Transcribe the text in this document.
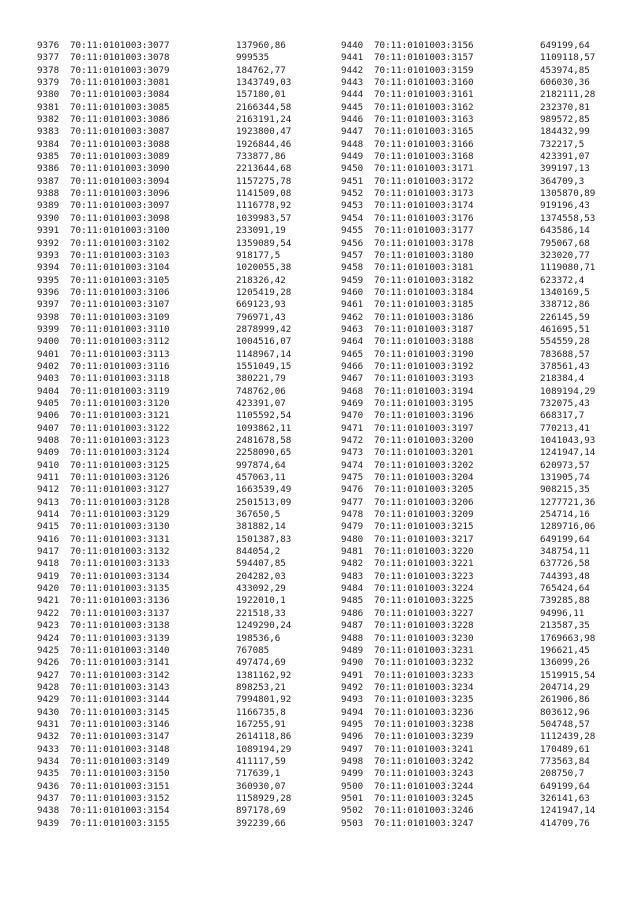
9376 70:11:0101003:3077	137960,86
9377 70:11:0101003:3078	999535
9378 70:11:0101003:3079	184762,77
9379 70:11:0101003:3081	1343749,03
9380 70:11:0101003:3084	157180,01
9381 70:11:0101003:3085	2166344,58
9382 70:11:0101003:3086	2163191,24
9383 70:11:0101003:3087	1923800,47
9384 70:11:0101003:3088	1926844,46
9385 70:11:0101003:3089	733877,86
9386 70:11:0101003:3090	2213644,68
9387 70:11:0101003:3094	1157275,78
9388 70:11:0101003:3096	1141509,08
9389 70:11:0101003:3097	1116778,92
9390 70:11:0101003:3098	1039983,57
9391 70:11:0101003:3100	233091,19
9392 70:11:0101003:3102	1359089,54
9393 70:11:0101003:3103	918177,5
9394 70:11:0101003:3104	1020055,38
9395 70:11:0101003:3105	218326,42
9396 70:11:0101003:3106	1205419,28
9397 70:11:0101003:3107	669123,93
9398 70:11:0101003:3109	796971,43
9399 70:11:0101003:3110	2878999,42
9400 70:11:0101003:3112	1004516,07
9401 70:11:0101003:3113	1148967,14
9402 70:11:0101003:3116	1551049,15
9403 70:11:0101003:3118	380221,79
9404 70:11:0101003:3119	748762,06
9405 70:11:0101003:3120	423391,07
9406 70:11:0101003:3121	1105592,54
9407 70:11:0101003:3122	1093862,11
9408 70:11:0101003:3123	2481678,58
9409 70:11:0101003:3124	2258090,65
9410 70:11:0101003:3125	997874,64
9411 70:11:0101003:3126	457063,11
9412 70:11:0101003:3127	1663539,49
9413 70:11:0101003:3128	2501513,09
9414 70:11:0101003:3129	367650,5
9415 70:11:0101003:3130	381882,14
9416 70:11:0101003:3131	1501387,83
9417 70:11:0101003:3132	844054,2
9418 70:11:0101003:3133	594407,85
9419 70:11:0101003:3134	204282,03
9420 70:11:0101003:3135	433092,29
9421 70:11:0101003:3136	1922010,1
9422 70:11:0101003:3137	221518,33
9423 70:11:0101003:3138	1249290,24
9424 70:11:0101003:3139	198536,6
9425 70:11:0101003:3140	767085
9426 70:11:0101003:3141	497474,69
9427 70:11:0101003:3142	1381162,92
9428 70:11:0101003:3143	898253,21
9429 70:11:0101003:3144	7994801,92
9430 70:11:0101003:3145	1166735,8
9431 70:11:0101003:3146	167255,91
9432 70:11:0101003:3147	2614118,86
9433 70:11:0101003:3148	1089194,29
9434 70:11:0101003:3149	411117,59
9435 70:11:0101003:3150	717639,1
9436 70:11:0101003:3151	360930,07
9437 70:11:0101003:3152	1158929,28
9438 70:11:0101003:3154	897178,69
9439 70:11:0101003:3155	392239,66
9440 70:11:0101003:3156	649199,64
9441 70:11:0101003:3157	1109118,57
9442 70:11:0101003:3159	453974,85
9443 70:11:0101003:3160	606030,36
9444 70:11:0101003:3161	2182111,28
9445 70:11:0101003:3162	232370,81
9446 70:11:0101003:3163	989572,85
9447 70:11:0101003:3165	184432,99
9448 70:11:0101003:3166	732217,5
9449 70:11:0101003:3168	423391,07
9450 70:11:0101003:3171	399197,13
9451 70:11:0101003:3172	364709,3
9452 70:11:0101003:3173	1305870,89
9453 70:11:0101003:3174	919196,43
9454 70:11:0101003:3176	1374558,53
9455 70:11:0101003:3177	643586,14
9456 70:11:0101003:3178	795067,68
9457 70:11:0101003:3180	323020,77
9458 70:11:0101003:3181	1119080,71
9459 70:11:0101003:3182	623372,4
9460 70:11:0101003:3184	1340169,5
9461 70:11:0101003:3185	338712,86
9462 70:11:0101003:3186	226145,59
9463 70:11:0101003:3187	461695,51
9464 70:11:0101003:3188	554559,28
9465 70:11:0101003:3190	783688,57
9466 70:11:0101003:3192	378561,43
9467 70:11:0101003:3193	218384,4
9468 70:11:0101003:3194	1089194,29
9469 70:11:0101003:3195	732075,43
9470 70:11:0101003:3196	668317,7
9471 70:11:0101003:3197	770213,41
9472 70:11:0101003:3200	1041043,93
9473 70:11:0101003:3201	1241947,14
9474 70:11:0101003:3202	620973,57
9475 70:11:0101003:3204	131905,74
9476 70:11:0101003:3205	908215,35
9477 70:11:0101003:3206	1277721,36
9478 70:11:0101003:3209	254714,16
9479 70:11:0101003:3215	1289716,06
9480 70:11:0101003:3217	649199,64
9481 70:11:0101003:3220	348754,11
9482 70:11:0101003:3221	637726,58
9483 70:11:0101003:3223	744393,48
9484 70:11:0101003:3224	765424,64
9485 70:11:0101003:3225	739285,88
9486 70:11:0101003:3227	94996,11
9487 70:11:0101003:3228	213587,35
9488 70:11:0101003:3230	1769663,98
9489 70:11:0101003:3231	196621,45
9490 70:11:0101003:3232	136099,26
9491 70:11:0101003:3233	1519915,54
9492 70:11:0101003:3234	204714,29
9493 70:11:0101003:3235	261906,86
9494 70:11:0101003:3236	803612,96
9495 70:11:0101003:3238	504748,57
9496 70:11:0101003:3239	1112439,28
9497 70:11:0101003:3241	170489,61
9498 70:11:0101003:3242	773563,84
9499 70:11:0101003:3243	208750,7
9500 70:11:0101003:3244	649199,64
9501 70:11:0101003:3245	326141,63
9502 70:11:0101003:3246	1241947,14
9503 70:11:0101003:3247	414709,76
